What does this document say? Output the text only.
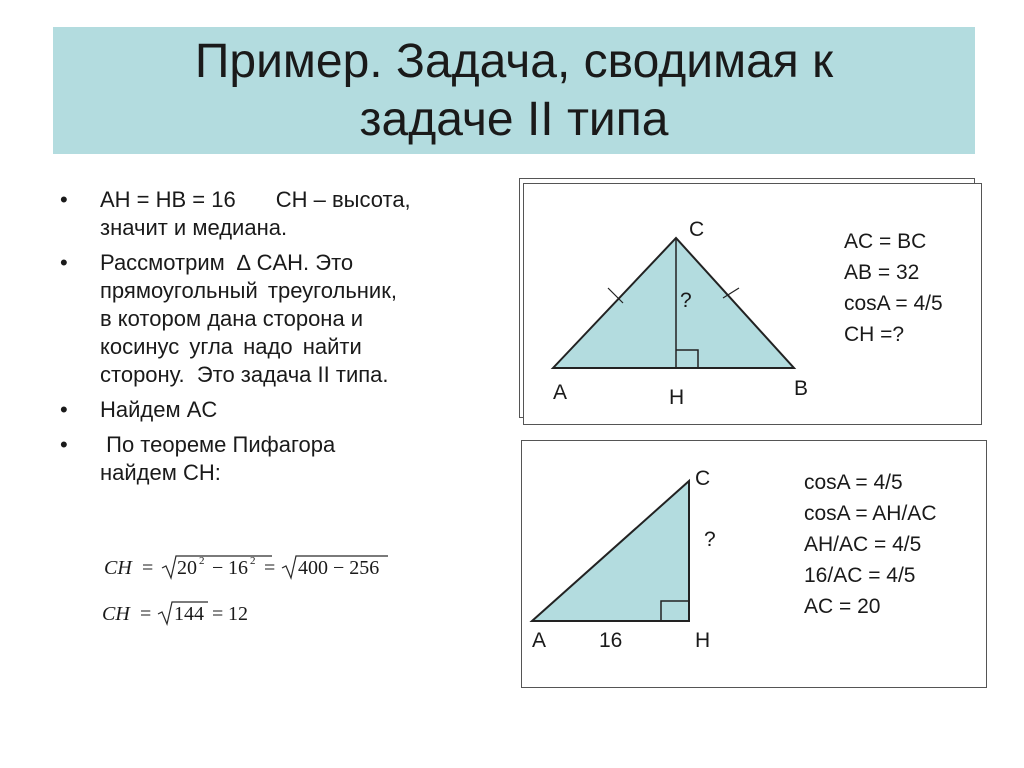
Пример. Задача, сводимая к
задаче II типа
• AH = HB = 16 CH – высота,
значит и медиана.
• Рассмотрим ∆ CAH. Это
прямоугольный треугольник,
в котором дана сторона и
косинус угла надо найти
сторону.  Это задача II типа.
• Найдем AC
• По теореме Пифагора
найдем CH:
CH = 20 2 − 16 2 = 400 − 256
CH = 144 = 12
C
A	B
H
?
AC = BC
AB = 32
cosA = 4/5
CH =?
C
A	16	H
?
cosA = 4/5
cosA = AH/AC
AH/AC = 4/5
16/AC = 4/5
AC = 20
